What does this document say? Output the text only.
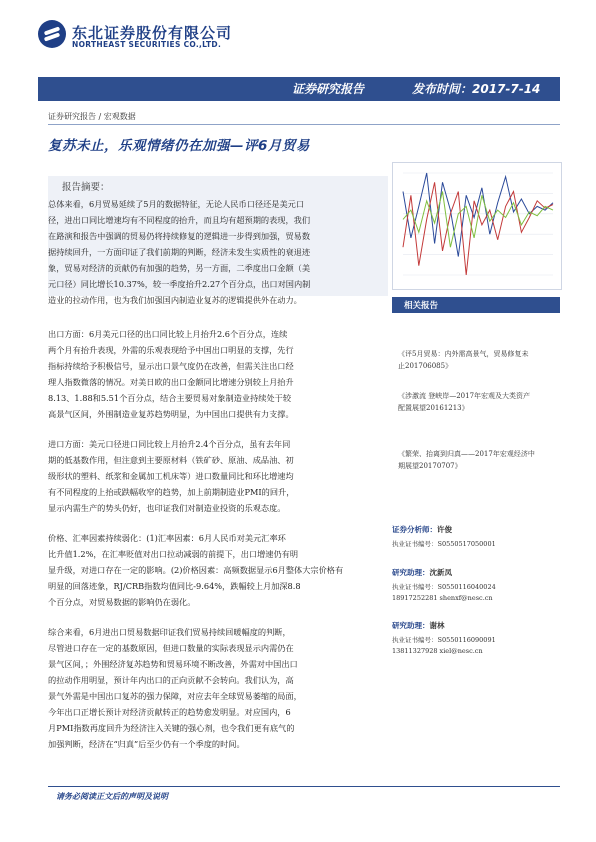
东北证券股份有限公司
NORTHEAST SECURITIES CO.,LTD.
证券研究报告	发布时间：2017-7-14
证券研究报告 / 宏观数据
复苏未止，乐观情绪仍在加强—评6月贸易
报告摘要：
总体来看，6月贸易延续了5月的数据特征，无论人民币口径还是美元口
径，进出口同比增速均有不同程度的抬升，而且均有超预期的表现，我们
在路演和报告中强调的贸易仍将持续修复的逻辑进一步得到加强，贸易数
据持续回升，一方面印证了我们前期的判断，经济未发生实质性的衰退迹
象，贸易对经济的贡献仍有加强的趋势，另一方面，二季度出口金额（美
元口径）同比增长10.37%，较一季度抬升2.27个百分点，出口对国内制
造业的拉动作用，也为我们加强国内制造业复苏的逻辑提供外在动力。
出口方面：6月美元口径的出口同比较上月抬升2.6个百分点，连续
两个月有抬升表现，外需的乐观表现给予中国出口明显的支撑，先行
指标持续给予积极信号，显示出口景气度仍在改善，但需关注出口经
理人指数微落的情况。对美日欧的出口金额同比增速分别较上月抬升
8.13、1.88和5.51个百分点，结合主要贸易对象制造业持续处于较
高景气区间，外围制造业复苏趋势明显，为中国出口提供有力支撑。
进口方面：美元口径进口同比较上月抬升2.4个百分点，虽有去年同
期的低基数作用，但注意到主要原材料（铁矿砂、原油、成品油、初
级形状的塑料、纸浆和金属加工机床等）进口数量同比和环比增速均
有不同程度的上抬或跌幅收窄的趋势，加上前期制造业PMI的回升，
显示内需生产的势头仍好，也印证我们对制造业投资的乐观态度。
价格、汇率因素持续弱化：(1)汇率因素：6月人民币对美元汇率环
比升值1.2%，在汇率贬值对出口拉动减弱的前提下，出口增速仍有明
显升级，对进口存在一定的影响。(2)价格因素：高频数据显示6月整体大宗价格有
明显的回落迹象，RJ/CRB指数均值同比-9.64%，跌幅较上月加深8.8
个百分点，对贸易数据的影响仍在弱化。
综合来看，6月进出口贸易数据印证我们贸易持续回暖幅度的判断，
尽管进口存在一定的基数原因，但进口数量的实际表现显示内需仍在
景气区间，；外围经济复苏趋势和贸易环境不断改善，外需对中国出口
的拉动作用明显，预计年内出口的正向贡献不会转向。我们认为，高
景气外需是中国出口复苏的强力保障，对应去年全球贸易萎缩的局面，
今年出口正增长预计对经济贡献转正的趋势愈发明显。对应国内，6
月PMI指数再度回升为经济注入关键的强心剂，也令我们更有底气的
加强判断，经济在“归真”后至少仍有一个季度的时间。
相关报告
《评5月贸易：内外需高景气，贸易修复未
止201706085》
《涉激流 登峡岸—2017年宏观及大类资产
配置展望20161213》
《繁荣、抬离到归真——2017年宏观经济中
期展望20170707》
证券分析师：许俊
执业证书编号：S0550517050001
研究助理：沈新凤
执业证书编号：S0550116040024
18917252281 shenxf@nesc.cn
研究助理：谢林
执业证书编号：S0550116090091
13811327928 xiel@nesc.cn
请务必阅读正文后的声明及说明
